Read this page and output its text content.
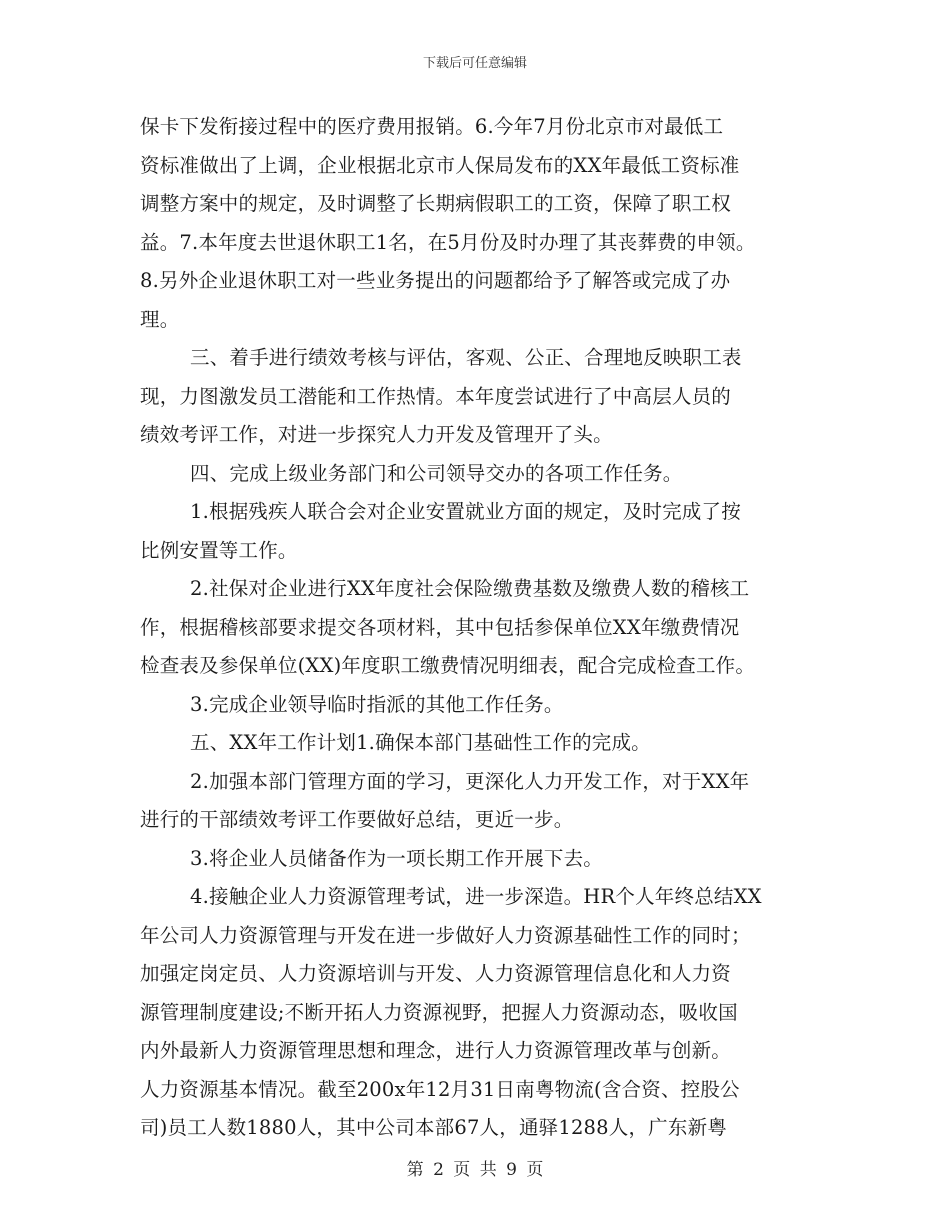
下载后可任意编辑
保卡下发衔接过程中的医疗费用报销。6.今年7月份北京市对最低工
资标准做出了上调，企业根据北京市人保局发布的XX年最低工资标准
调整方案中的规定，及时调整了长期病假职工的工资，保障了职工权
益。7.本年度去世退休职工1名，在5月份及时办理了其丧葬费的申领。
8.另外企业退休职工对一些业务提出的问题都给予了解答或完成了办
理。
三、着手进行绩效考核与评估，客观、公正、合理地反映职工表
现，力图激发员工潜能和工作热情。本年度尝试进行了中高层人员的
绩效考评工作，对进一步探究人力开发及管理开了头。
四、完成上级业务部门和公司领导交办的各项工作任务。
1.根据残疾人联合会对企业安置就业方面的规定，及时完成了按
比例安置等工作。
2.社保对企业进行XX年度社会保险缴费基数及缴费人数的稽核工
作，根据稽核部要求提交各项材料，其中包括参保单位XX年缴费情况
检查表及参保单位(XX)年度职工缴费情况明细表，配合完成检查工作。
3.完成企业领导临时指派的其他工作任务。
五、XX年工作计划1.确保本部门基础性工作的完成。
2.加强本部门管理方面的学习，更深化人力开发工作，对于XX年
进行的干部绩效考评工作要做好总结，更近一步。
3.将企业人员储备作为一项长期工作开展下去。
4.接触企业人力资源管理考试，进一步深造。HR个人年终总结XX
年公司人力资源管理与开发在进一步做好人力资源基础性工作的同时；
加强定岗定员、人力资源培训与开发、人力资源管理信息化和人力资
源管理制度建设;不断开拓人力资源视野，把握人力资源动态，吸收国
内外最新人力资源管理思想和理念，进行人力资源管理改革与创新。
人力资源基本情况。截至200x年12月31日南粤物流(含合资、控股公
司)员工人数1880人，其中公司本部67人，通驿1288人，广东新粤
第 2 页 共 9 页
